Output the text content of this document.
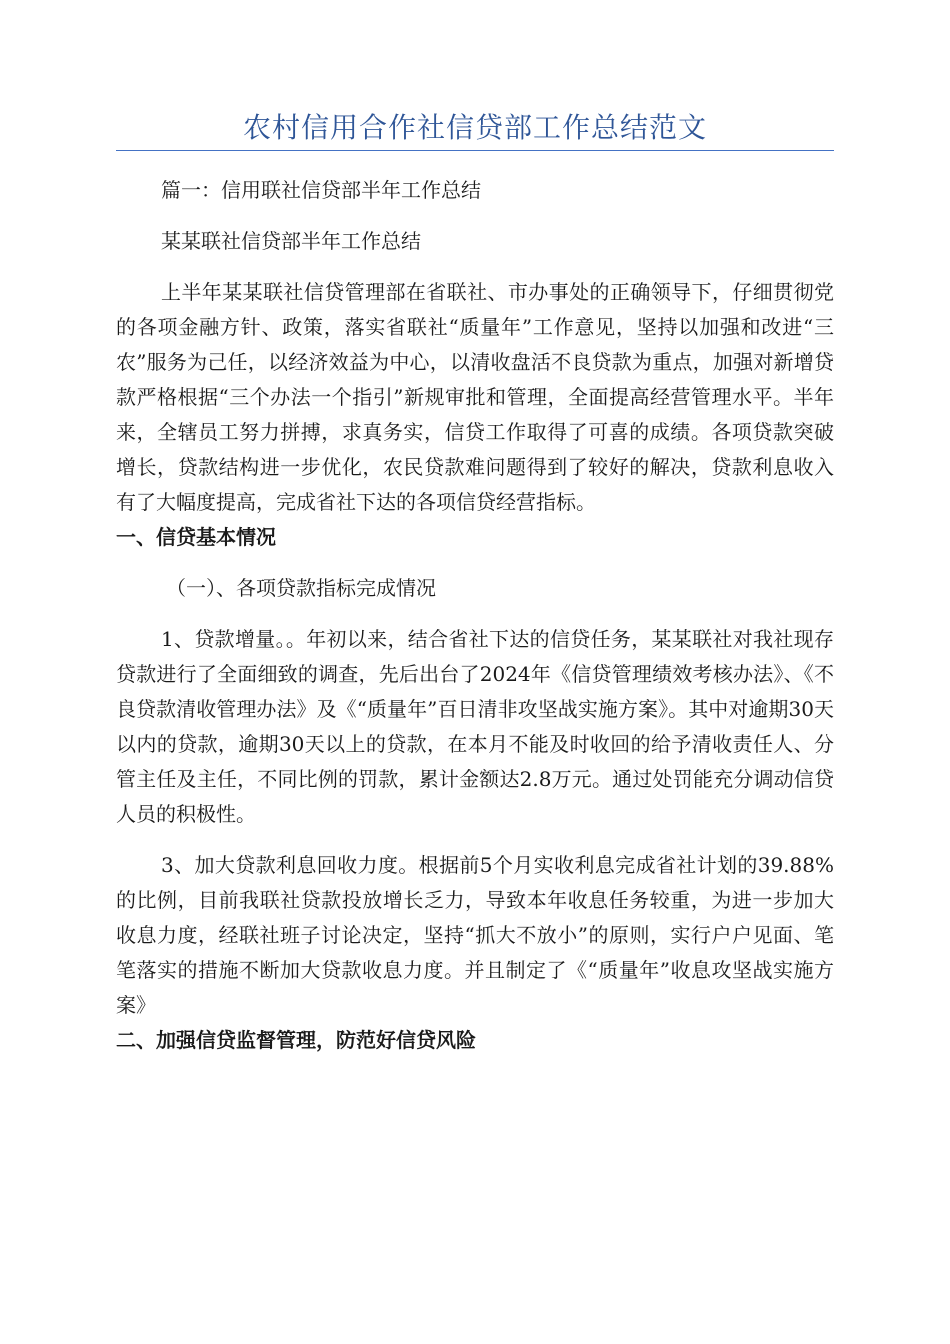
农村信用合作社信贷部工作总结范文

篇一：信用联社信贷部半年工作总结

某某联社信贷部半年工作总结

上半年某某联社信贷管理部在省联社、市办事处的正确领导下，仔细贯彻党的各项金融方针、政策，落实省联社“质量年”工作意见，坚持以加强和改进“三农”服务为己任，以经济效益为中心，以清收盘活不良贷款为重点，加强对新增贷款严格根据“三个办法一个指引”新规审批和管理，全面提高经营管理水平。半年来，全辖员工努力拼搏，求真务实，信贷工作取得了可喜的成绩。各项贷款突破增长，贷款结构进一步优化，农民贷款难问题得到了较好的解决，贷款利息收入有了大幅度提高，完成省社下达的各项信贷经营指标。

一、信贷基本情况

（一）、各项贷款指标完成情况

1、贷款增量。。年初以来，结合省社下达的信贷任务，某某联社对我社现存贷款进行了全面细致的调查，先后出台了2024年《信贷管理绩效考核办法》、《不良贷款清收管理办法》及《“质量年”百日清非攻坚战实施方案》。其中对逾期30天以内的贷款，逾期30天以上的贷款，在本月不能及时收回的给予清收责任人、分管主任及主任，不同比例的罚款，累计金额达2.8万元。通过处罚能充分调动信贷人员的积极性。

3、加大贷款利息回收力度。根据前5个月实收利息完成省社计划的39.88%的比例，目前我联社贷款投放增长乏力，导致本年收息任务较重，为进一步加大收息力度，经联社班子讨论决定，坚持“抓大不放小”的原则，实行户户见面、笔笔落实的措施不断加大贷款收息力度。并且制定了《“质量年”收息攻坚战实施方案》

二、加强信贷监督管理，防范好信贷风险
